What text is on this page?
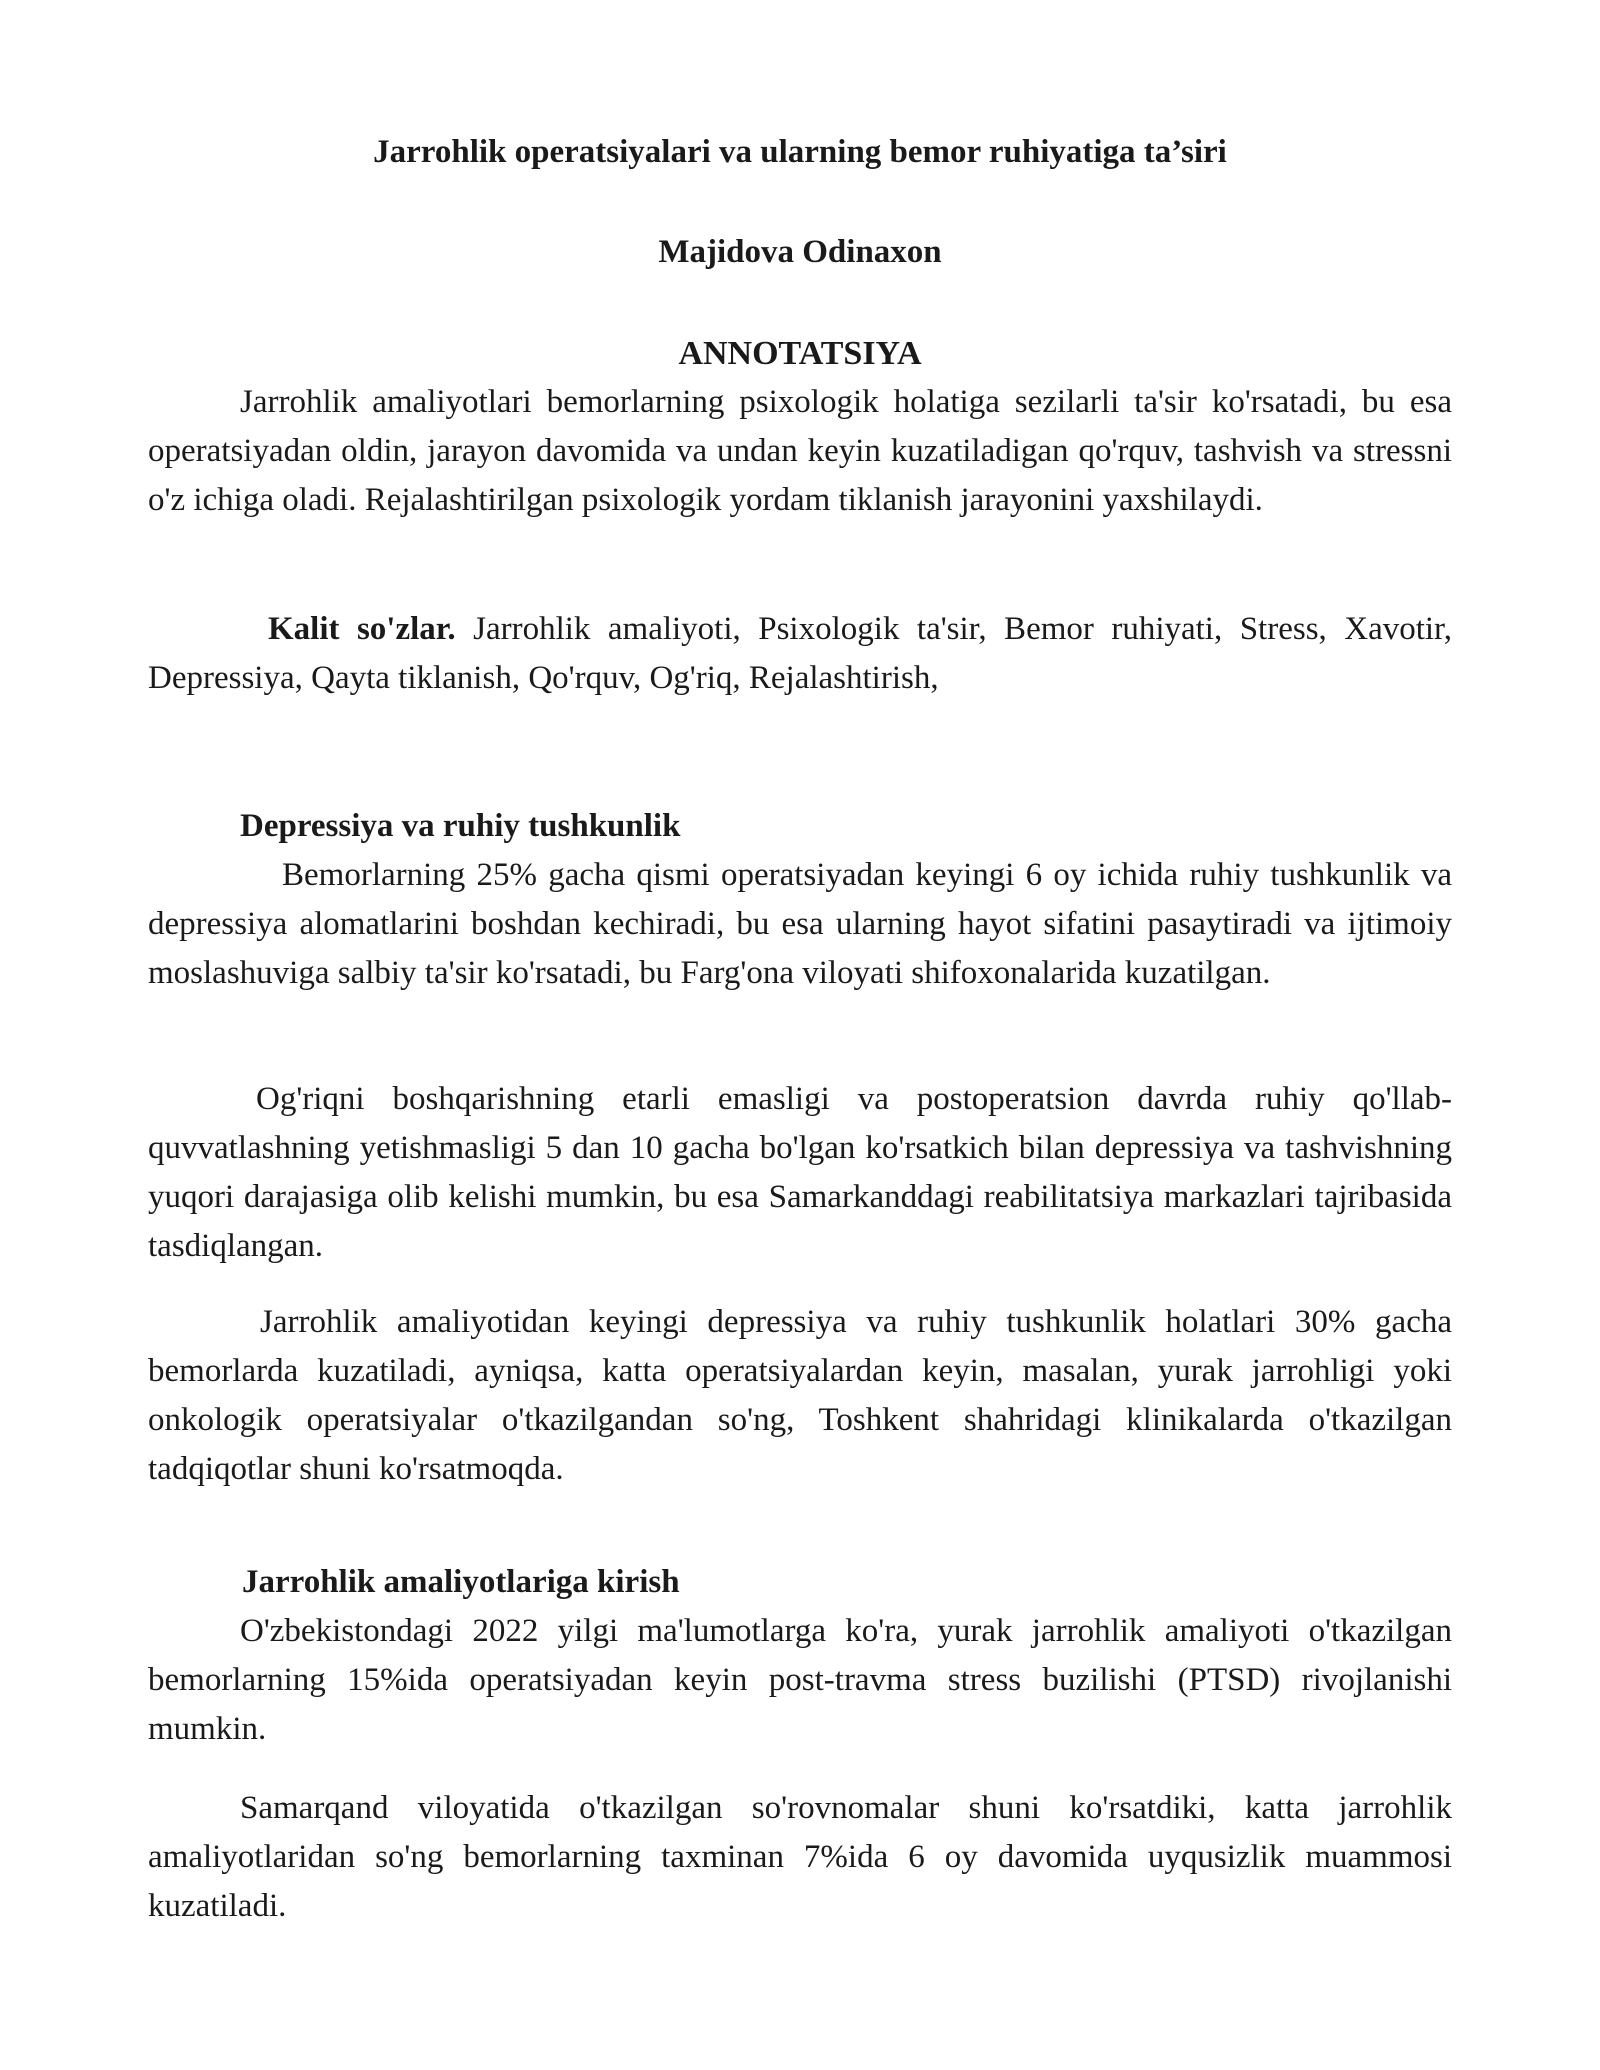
Jarrohlik operatsiyalari va ularning bemor ruhiyatiga ta’siri
Majidova Odinaxon
ANNOTATSIYA

Jarrohlik amaliyotlari bemorlarning psixologik holatiga sezilarli ta'sir ko'rsatadi, bu esa operatsiyadan oldin, jarayon davomida va undan keyin kuzatiladigan qo'rquv, tashvish va stressni o'z ichiga oladi. Rejalashtirilgan psixologik yordam tiklanish jarayonini yaxshilaydi.

Kalit so'zlar. Jarrohlik amaliyoti, Psixologik ta'sir, Bemor ruhiyati, Stress, Xavotir, Depressiya, Qayta tiklanish, Qo'rquv, Og'riq, Rejalashtirish,

Depressiya va ruhiy tushkunlik

Bemorlarning 25% gacha qismi operatsiyadan keyingi 6 oy ichida ruhiy tushkunlik va depressiya alomatlarini boshdan kechiradi, bu esa ularning hayot sifatini pasaytiradi va ijtimoiy moslashuviga salbiy ta'sir ko'rsatadi, bu Farg'ona viloyati shifoxonalarida kuzatilgan.

Og'riqni boshqarishning etarli emasligi va postoperatsion davrda ruhiy qo'llab-quvvatlashning yetishmasligi 5 dan 10 gacha bo'lgan ko'rsatkich bilan depressiya va tashvishning yuqori darajasiga olib kelishi mumkin, bu esa Samarkanddagi reabilitatsiya markazlari tajribasida tasdiqlangan.

Jarrohlik amaliyotidan keyingi depressiya va ruhiy tushkunlik holatlari 30% gacha bemorlarda kuzatiladi, ayniqsa, katta operatsiyalardan keyin, masalan, yurak jarrohligi yoki onkologik operatsiyalar o'tkazilgandan so'ng, Toshkent shahridagi klinikalarda o'tkazilgan tadqiqotlar shuni ko'rsatmoqda.

Jarrohlik amaliyotlariga kirish

O'zbekistondagi 2022 yilgi ma'lumotlarga ko'ra, yurak jarrohlik amaliyoti o'tkazilgan bemorlarning 15%ida operatsiyadan keyin post-travma stress buzilishi (PTSD) rivojlanishi mumkin.

Samarqand viloyatida o'tkazilgan so'rovnomalar shuni ko'rsatdiki, katta jarrohlik amaliyotlaridan so'ng bemorlarning taxminan 7%ida 6 oy davomida uyqusizlik muammosi kuzatiladi.
